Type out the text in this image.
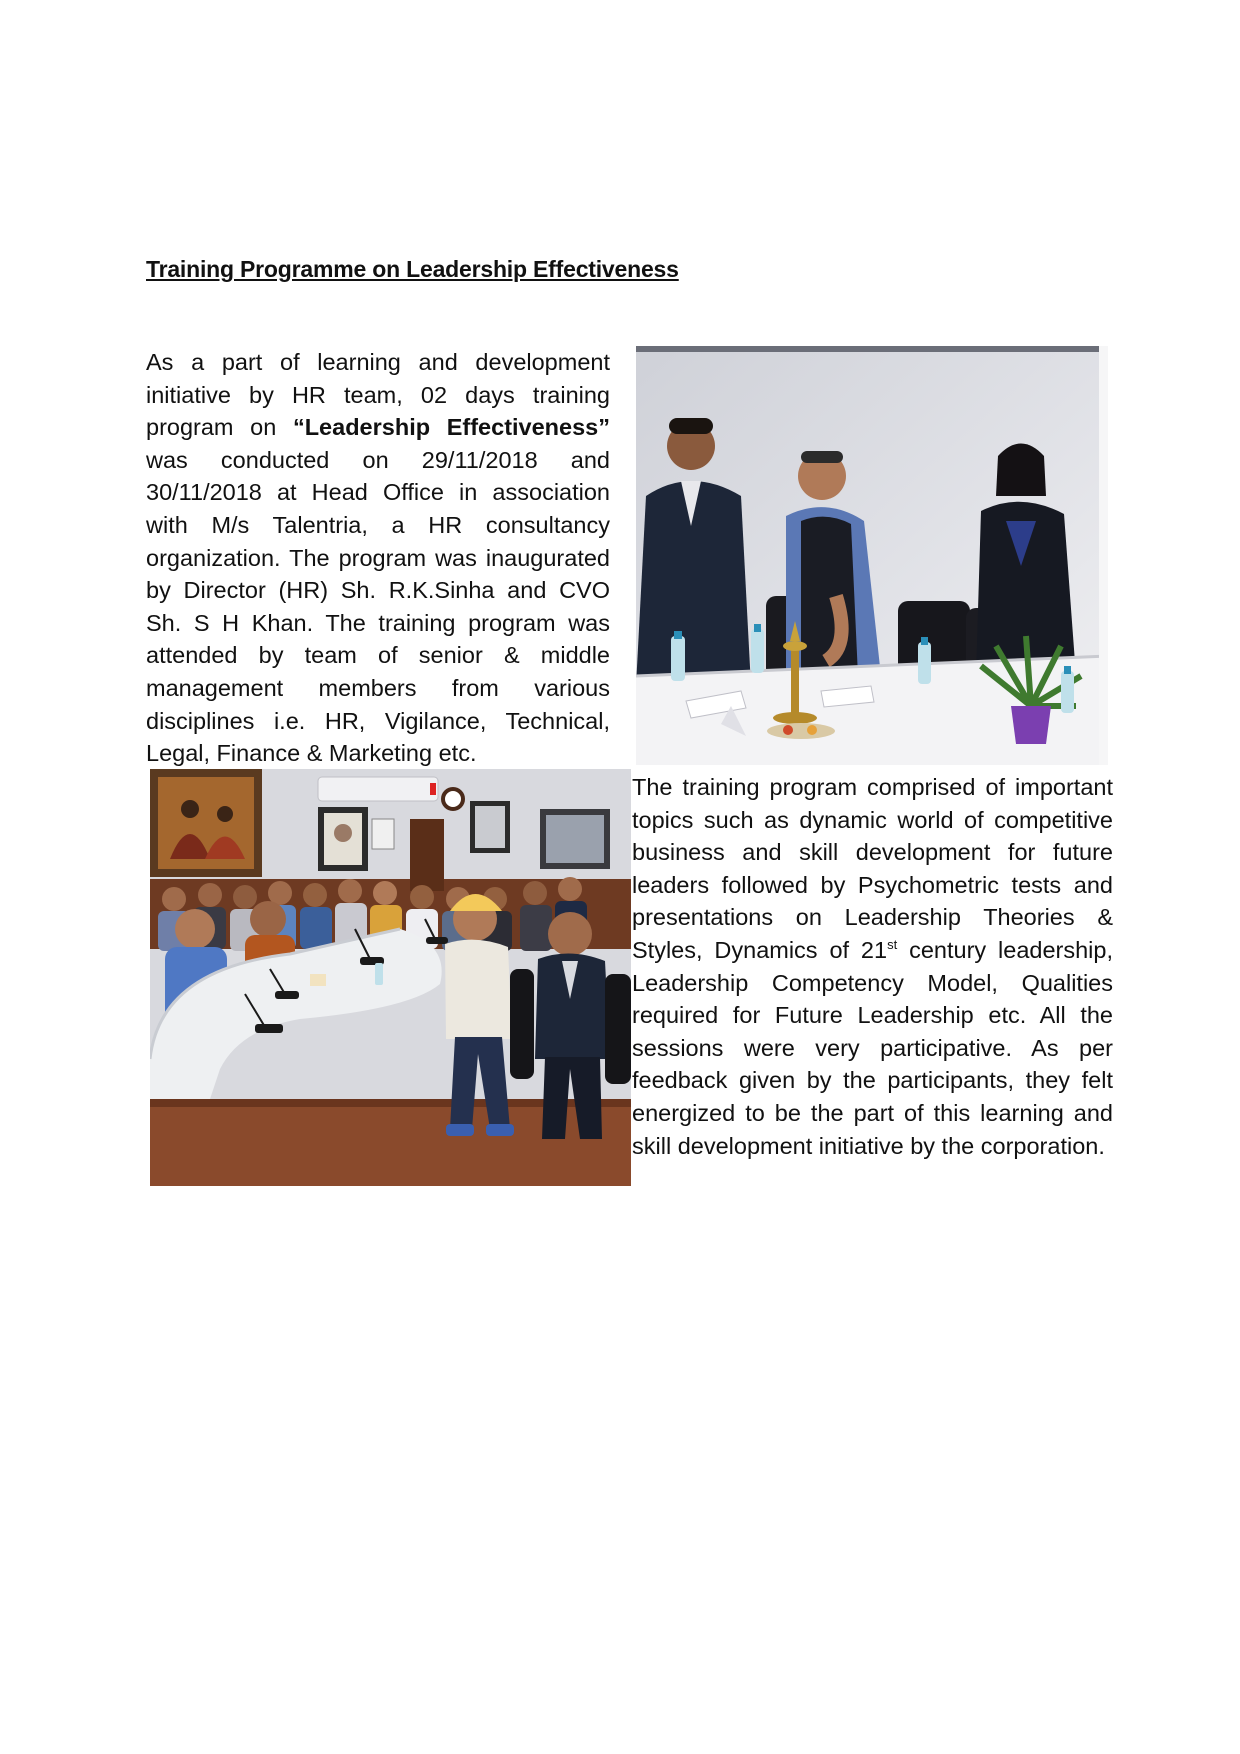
Training Programme on Leadership Effectiveness

As a part of learning and development initiative by HR team, 02 days training program on “Leadership Effectiveness” was conducted on 29/11/2018 and 30/11/2018 at Head Office in association with M/s Talentria, a HR consultancy organization. The program was inaugurated by Director (HR) Sh. R.K.Sinha and CVO Sh. S H Khan. The training program was attended by team of senior & middle management members from various disciplines i.e. HR, Vigilance, Technical, Legal, Finance & Marketing etc.

The training program comprised of important topics such as dynamic world of competitive business and skill development for future leaders followed by Psychometric tests and presentations on Leadership Theories & Styles, Dynamics of 21st century leadership, Leadership Competency Model, Qualities required for Future Leadership etc. All the sessions were very participative. As per feedback given by the participants, they felt energized to be the part of this learning and skill development initiative by the corporation.
